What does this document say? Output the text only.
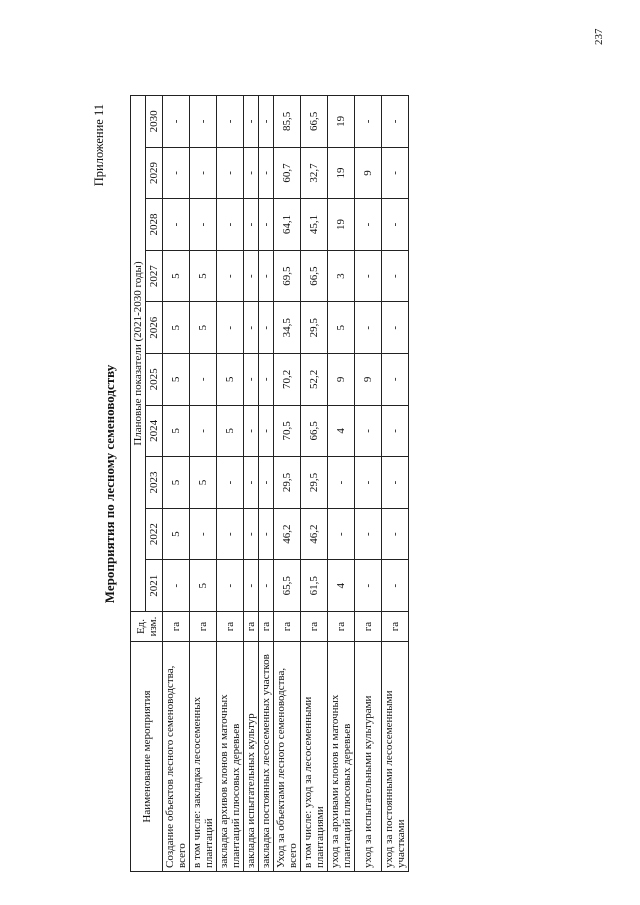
237
Приложение 11
Мероприятия по лесному семеноводству
Наименование мероприятия	Ед. изм.	Плановые показатели (2021-2030 годы)									
		2021	2022	2023	2024	2025	2026	2027	2028	2029	2030
Создание объектов лесного семеноводства, всего	га	-	5	5	5	5	5	5	-	-	-
в том числе: закладка лесосеменных плантаций	га	5	-	5	-	-	5	5	-	-	-
закладка архивов клонов и маточных плантаций плюсовых деревьев	га	-	-	-	5	5	-	-	-	-	-
закладка испытательных культур	га	-	-	-	-	-	-	-	-	-	-
закладка постоянных лесосеменных участков	га	-	-	-	-	-	-	-	-	-	-
Уход за объектами лесного семеноводства, всего	га	65,5	46,2	29,5	70,5	70,2	34,5	69,5	64,1	60,7	85,5
в том числе: уход за лесосеменными плантациями	га	61,5	46,2	29,5	66,5	52,2	29,5	66,5	45,1	32,7	66,5
уход за архивами клонов и маточных плантаций плюсовых деревьев	га	4	-	-	4	9	5	3	19	19	19
уход за испытательными культурами	га	-	-	-	-	9	-	-	-	9	-
уход за постоянными лесосеменными участками	га	-	-	-	-	-	-	-	-	-	-
